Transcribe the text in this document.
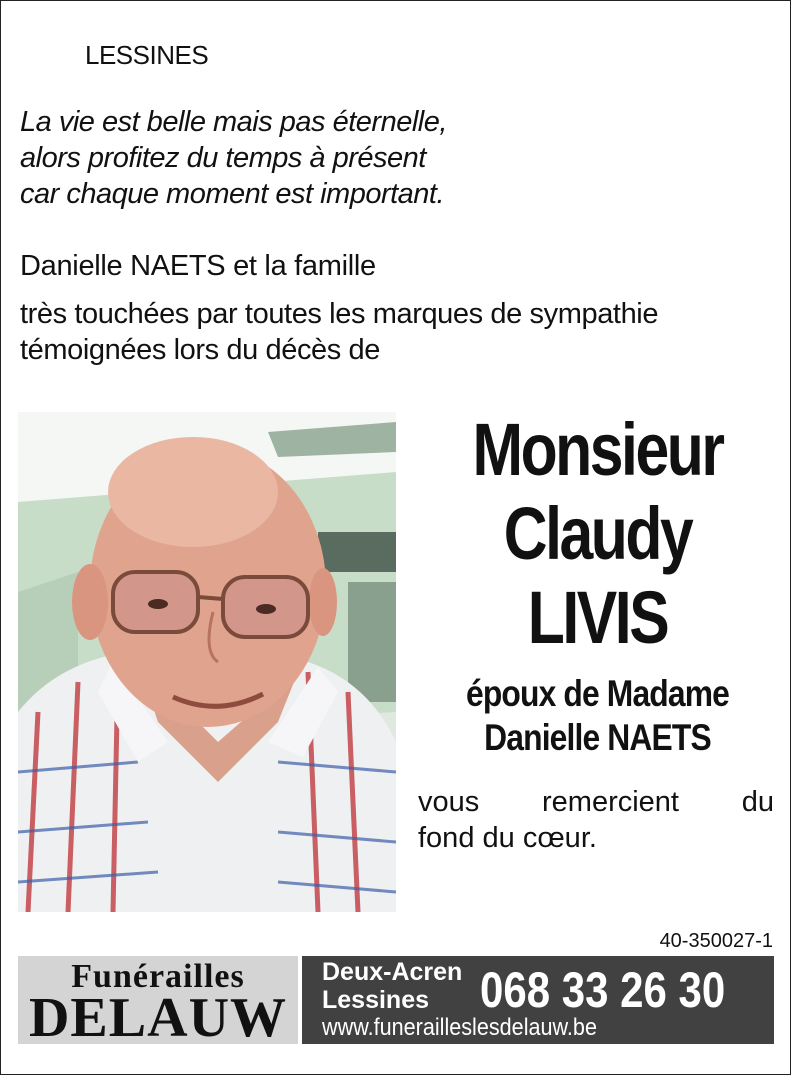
LESSINES
La vie est belle mais pas éternelle,
alors profitez du temps à présent
car chaque moment est important.
Danielle NAETS et la famille
très touchées par toutes les marques de sympathie
témoignées lors du décès de
Monsieur
Claudy
LIVIS
époux de Madame
Danielle NAETS
vous remercient du
fond du cœur.
40-350027-1
Funérailles
DELAUW
Deux-Acren
Lessines 068 33 26 30
www.funerailleslesdelauw.be
